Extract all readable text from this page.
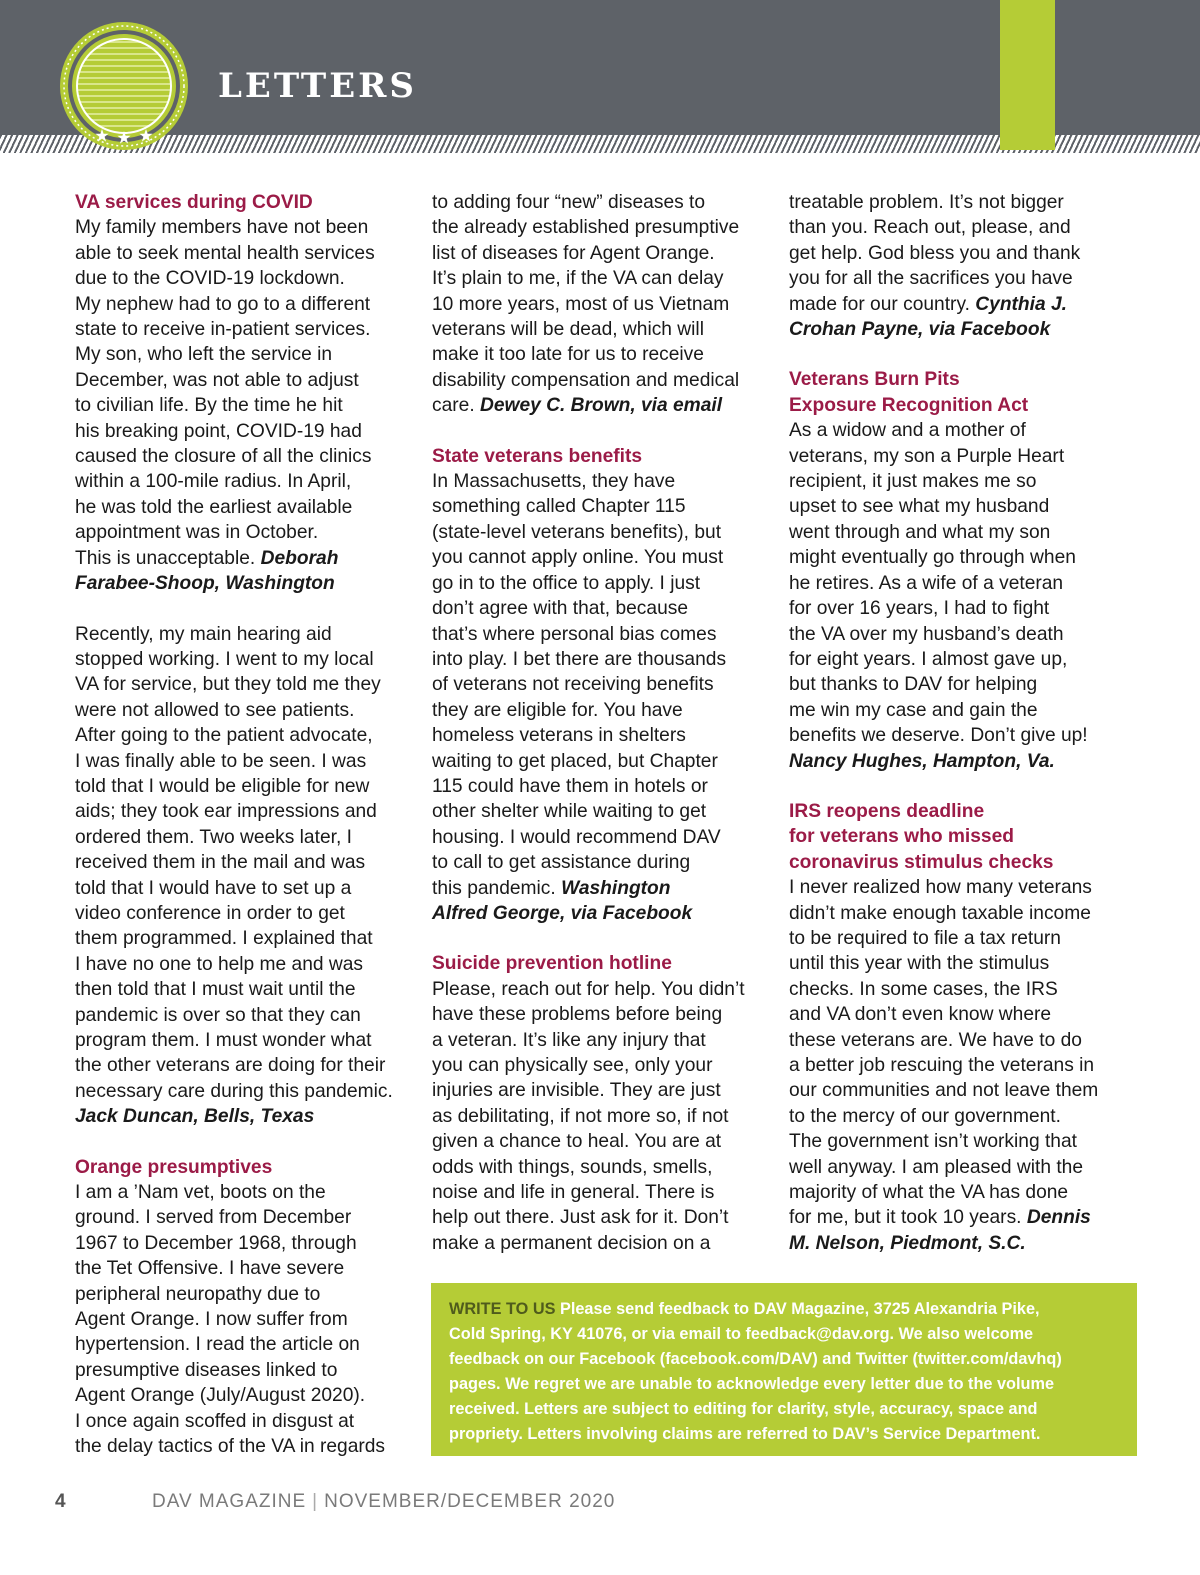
LETTERS

VA services during COVID

My family members have not been

able to seek mental health services

due to the COVID-19 lockdown.

My nephew had to go to a different

state to receive in-patient services.

My son, who left the service in

December, was not able to adjust

to civilian life. By the time he hit

his breaking point, COVID-19 had

caused the closure of all the clinics

within a 100-mile radius. In April,

he was told the earliest available

appointment was in October.

This is unacceptable. Deborah

Farabee-Shoop, Washington

Recently, my main hearing aid

stopped working. I went to my local

VA for service, but they told me they

were not allowed to see patients.

After going to the patient advocate,

I was finally able to be seen. I was

told that I would be eligible for new

aids; they took ear impressions and

ordered them. Two weeks later, I

received them in the mail and was

told that I would have to set up a

video conference in order to get

them programmed. I explained that

I have no one to help me and was

then told that I must wait until the

pandemic is over so that they can

program them. I must wonder what

the other veterans are doing for their

necessary care during this pandemic.

Jack Duncan, Bells, Texas

Orange presumptives

I am a ’Nam vet, boots on the

ground. I served from December

1967 to December 1968, through

the Tet Offensive. I have severe

peripheral neuropathy due to

Agent Orange. I now suffer from

hypertension. I read the article on

presumptive diseases linked to

Agent Orange (July/August 2020).

I once again scoffed in disgust at

the delay tactics of the VA in regards

to adding four “new” diseases to

the already established presumptive

list of diseases for Agent Orange.

It’s plain to me, if the VA can delay

10 more years, most of us Vietnam

veterans will be dead, which will

make it too late for us to receive

disability compensation and medical

care. Dewey C. Brown, via email

State veterans benefits

In Massachusetts, they have

something called Chapter 115

(state-level veterans benefits), but

you cannot apply online. You must

go in to the office to apply. I just

don’t agree with that, because

that’s where personal bias comes

into play. I bet there are thousands

of veterans not receiving benefits

they are eligible for. You have

homeless veterans in shelters

waiting to get placed, but Chapter

115 could have them in hotels or

other shelter while waiting to get

housing. I would recommend DAV

to call to get assistance during

this pandemic. Washington

Alfred George, via Facebook

Suicide prevention hotline

Please, reach out for help. You didn’t

have these problems before being

a veteran. It’s like any injury that

you can physically see, only your

injuries are invisible. They are just

as debilitating, if not more so, if not

given a chance to heal. You are at

odds with things, sounds, smells,

noise and life in general. There is

help out there. Just ask for it. Don’t

make a permanent decision on a

treatable problem. It’s not bigger

than you. Reach out, please, and

get help. God bless you and thank

you for all the sacrifices you have

made for our country. Cynthia J.

Crohan Payne, via Facebook

Veterans Burn Pits

Exposure Recognition Act

As a widow and a mother of

veterans, my son a Purple Heart

recipient, it just makes me so

upset to see what my husband

went through and what my son

might eventually go through when

he retires. As a wife of a veteran

for over 16 years, I had to fight

the VA over my husband’s death

for eight years. I almost gave up,

but thanks to DAV for helping

me win my case and gain the

benefits we deserve. Don’t give up!

Nancy Hughes, Hampton, Va.

IRS reopens deadline

for veterans who missed

coronavirus stimulus checks

I never realized how many veterans

didn’t make enough taxable income

to be required to file a tax return

until this year with the stimulus

checks. In some cases, the IRS

and VA don’t even know where

these veterans are. We have to do

a better job rescuing the veterans in

our communities and not leave them

to the mercy of our government.

The government isn’t working that

well anyway. I am pleased with the

majority of what the VA has done

for me, but it took 10 years. Dennis

M. Nelson, Piedmont, S.C.

WRITE TO US Please send feedback to DAV Magazine, 3725 Alexandria Pike,

Cold Spring, KY 41076, or via email to feedback@dav.org. We also welcome

feedback on our Facebook (facebook.com/DAV) and Twitter (twitter.com/davhq)

pages. We regret we are unable to acknowledge every letter due to the volume

received. Letters are subject to editing for clarity, style, accuracy, space and

propriety. Letters involving claims are referred to DAV’s Service Department.

4	DAV MAGAZINE | NOVEMBER/DECEMBER 2020
